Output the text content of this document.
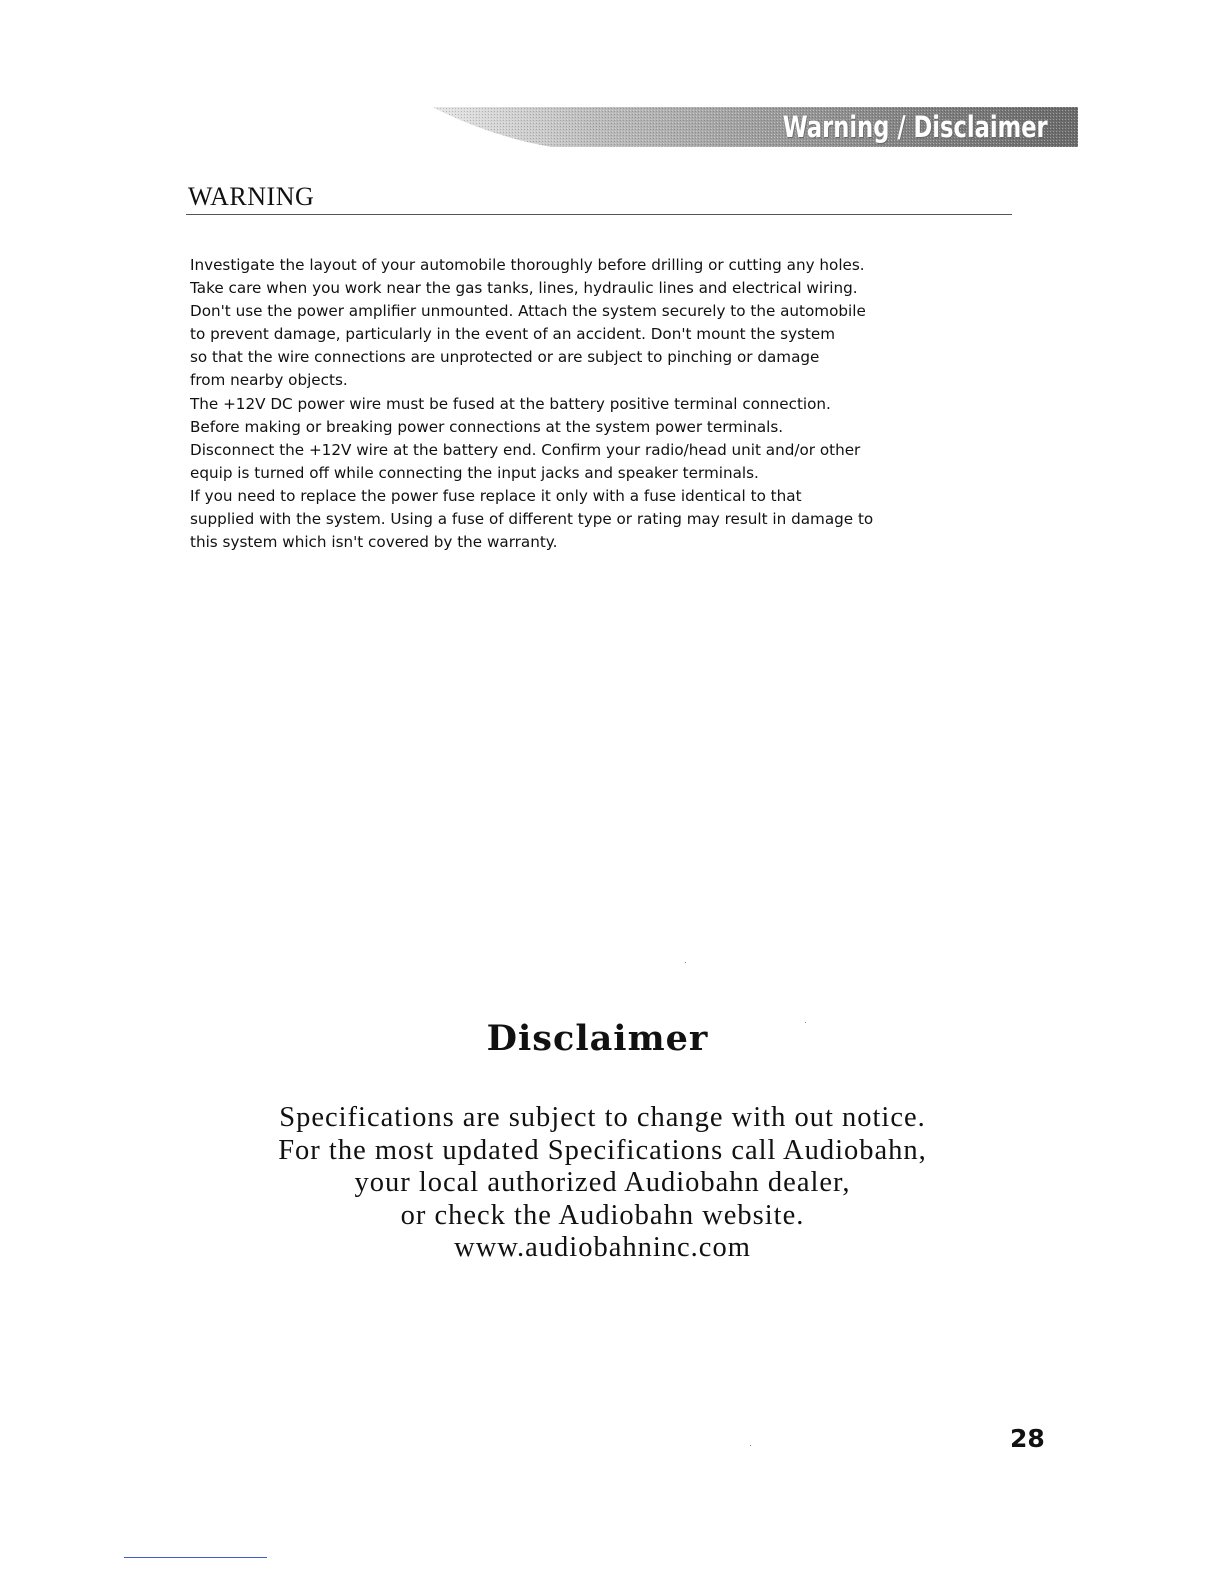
Warning / Disclaimer
WARNING
Investigate the layout of your automobile thoroughly before drilling or cutting any holes.
Take care when you work near the gas tanks, lines, hydraulic lines and electrical wiring.
Don't use the power amplifier unmounted. Attach the system securely to the automobile
to prevent damage, particularly in the event of an accident. Don't mount the system
so that the wire connections are unprotected or are subject to pinching or damage
from nearby objects.
The +12V DC power wire must be fused at the battery positive terminal connection.
Before making or breaking power connections at the system power terminals.
Disconnect the +12V wire at the battery end. Confirm your radio/head unit and/or other
equip is turned off while connecting the input jacks and speaker terminals.
If you need to replace the power fuse replace it only with a fuse identical to that
supplied with the system. Using a fuse of different type or rating may result in damage to
this system which isn't covered by the warranty.
Disclaimer
Specifications are subject to change with out notice.
For the most updated Specifications call Audiobahn,
your local authorized Audiobahn dealer,
or check the Audiobahn website.
www.audiobahninc.com
28
